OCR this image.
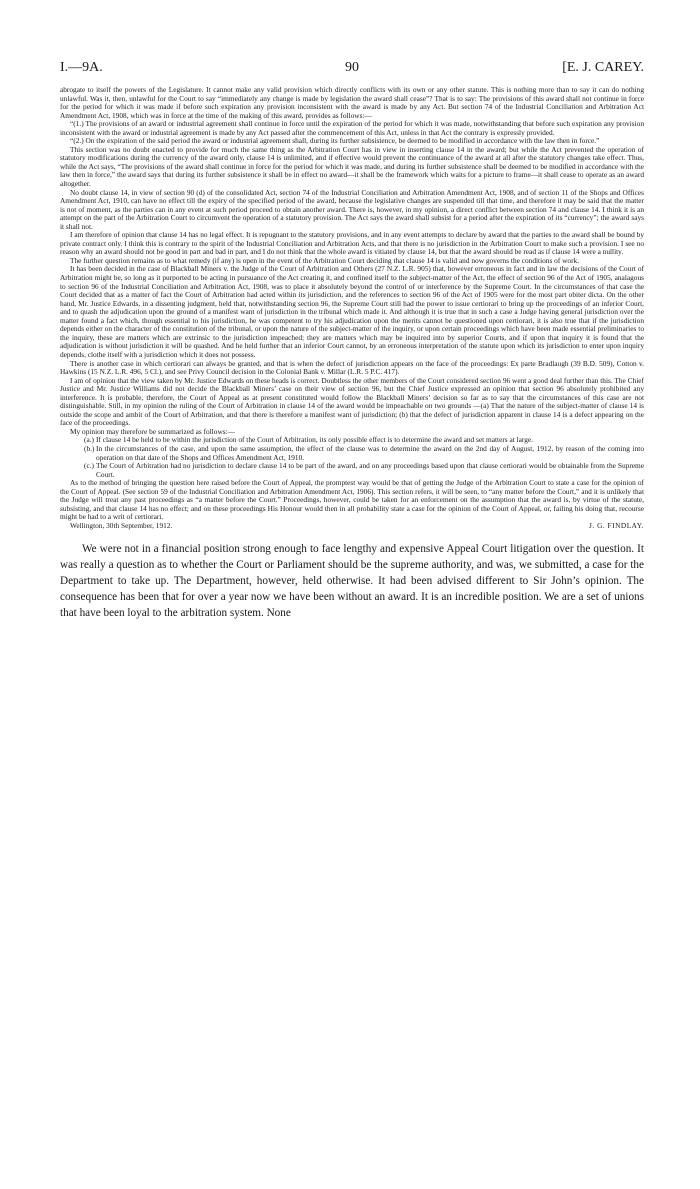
I.—9A.	90	[E. J. CAREY.

abrogate to itself the powers of the Legislature. It cannot make any valid provision which directly conflicts with its own or any other statute. This is nothing more than to say it can do nothing unlawful. Was it, then, unlawful for the Court to say “immediately any change is made by legislation the award shall cease”? That is to say: The provisions of this award shall not continue in force for the period for which it was made if before such expiration any provision inconsistent with the award is made by any Act. But section 74 of the Industrial Conciliation and Arbitration Act Amendment Act, 1908, which was in force at the time of the making of this award, provides as follows:—

“(1.) The provisions of an award or industrial agreement shall continue in force until the expiration of the period for which it was made, notwithstanding that before such expiration any provision inconsistent with the award or industrial agreement is made by any Act passed after the commencement of this Act, unless in that Act the contrary is expressly provided.

“(2.) On the expiration of the said period the award or industrial agreement shall, during its further subsistence, be deemed to be modified in accordance with the law then in force.”

This section was no doubt enacted to provide for much the same thing as the Arbitration Court has in view in inserting clause 14 in the award; but while the Act prevented the operation of statutory modifications during the currency of the award only, clause 14 is unlimited, and if effective would prevent the continuance of the award at all after the statutory changes take effect. Thus, while the Act says, “The provisions of the award shall continue in force for the period for which it was made, and during its further subsistence shall be deemed to be modified in accordance with the law then in force,” the award says that during its further subsistence it shall be in effect no award—it shall be the framework which waits for a picture to frame—it shall cease to operate as an award altogether.

No doubt clause 14, in view of section 90 (d) of the consolidated Act, section 74 of the Industrial Conciliation and Arbitration Amendment Act, 1908, and of section 11 of the Shops and Offices Amendment Act, 1910, can have no effect till the expiry of the specified period of the award, because the legislative changes are suspended till that time, and therefore it may be said that the matter is not of moment, as the parties can in any event at such period proceed to obtain another award. There is, however, in my opinion, a direct conflict between section 74 and clause 14. I think it is an attempt on the part of the Arbitration Court to circumvent the operation of a statutory provision. The Act says the award shall subsist for a period after the expiration of its “currency”; the award says it shall not.

I am therefore of opinion that clause 14 has no legal effect. It is repugnant to the statutory provisions, and in any event attempts to declare by award that the parties to the award shall be bound by private contract only. I think this is contrary to the spirit of the Industrial Conciliation and Arbitration Acts, and that there is no jurisdiction in the Arbitration Court to make such a provision. I see no reason why an award should not be good in part and bad in part, and I do not think that the whole award is vitiated by clause 14, but that the award should be read as if clause 14 were a nullity.

The further question remains as to what remedy (if any) is open in the event of the Arbitration Court deciding that clause 14 is valid and now governs the conditions of work.

It has been decided in the case of Blackball Miners v. the Judge of the Court of Arbitration and Others (27 N.Z. L.R. 905) that, however erroneous in fact and in law the decisions of the Court of Arbitration might be, so long as it purported to be acting in pursuance of the Act creating it, and confined itself to the subject-matter of the Act, the effect of section 96 of the Act of 1905, analagous to section 96 of the Industrial Conciliation and Arbitration Act, 1908, was to place it absolutely beyond the control of or interference by the Supreme Court. In the circumstances of that case the Court decided that as a matter of fact the Court of Arbitration had acted within its jurisdiction, and the references to section 96 of the Act of 1905 were for the most part obiter dicta. On the other hand, Mr. Justice Edwards, in a dissenting judgment, held that, notwithstanding section 96, the Supreme Court still had the power to issue certiorari to bring up the proceedings of an inferior Court, and to quash the adjudication upon the ground of a manifest want of jurisdiction in the tribunal which made it. And although it is true that in such a case a Judge having general jurisdiction over the matter found a fact which, though essential to his jurisdiction, he was competent to try his adjudication upon the merits cannot be questioned upon certiorari, it is also true that if the jurisdiction depends either on the character of the constitution of the tribunal, or upon the nature of the subject-matter of the inquiry, or upon certain proceedings which have been made essential preliminaries to the inquiry, these are matters which are extrinsic to the jurisdiction impeached; they are matters which may be inquired into by superior Courts, and if upon that inquiry it is found that the adjudication is without jurisdiction it will be quashed. And he held further that an inferior Court cannot, by an erroneous interpretation of the statute upon which its jurisdiction to enter upon inquiry depends, clothe itself with a jurisdiction which it does not possess.

There is another case in which certiorari can always be granted, and that is when the defect of jurisdiction appears on the face of the proceedings: Ex parte Bradlaugh (39 B.D. 509), Cotton v. Hawkins (15 N.Z. L.R. 496, 5 Cl.), and see Privy Council decision in the Colonial Bank v. Millar (L.R. 5 P.C. 417).

I am of opinion that the view taken by Mr. Justice Edwards on these heads is correct. Doubtless the other members of the Court considered section 96 went a good deal further than this. The Chief Justice and Mr. Justice Williams did not decide the Blackball Miners’ case on their view of section 96, but the Chief Justice expressed an opinion that section 96 absolutely prohibited any interference. It is probable, therefore, the Court of Appeal as at present constituted would follow the Blackball Miners’ decision so far as to say that the circumstances of this case are not distinguishable. Still, in my opinion the ruling of the Court of Arbitration in clause 14 of the award would be impeachable on two grounds —(a) That the nature of the subject-matter of clause 14 is outside the scope and ambit of the Court of Arbitration, and that there is therefore a manifest want of jurisdiction; (b) that the defect of jurisdiction apparent in clause 14 is a defect appearing on the face of the proceedings.

My opinion may therefore be summarized as follows:—

(a.) If clause 14 be held to be within the jurisdiction of the Court of Arbitration, its only possible effect is to determine the award and set matters at large.

(b.) In the circumstances of the case, and upon the same assumption, the effect of the clause was to determine the award on the 2nd day of August, 1912, by reason of the coming into operation on that date of the Shops and Offices Amendment Act, 1910.

(c.) The Court of Arbitration had no jurisdiction to declare clause 14 to be part of the award, and on any proceedings based upon that clause certiorari would be obtainable from the Supreme Court.

As to the method of bringing the question here raised before the Court of Appeal, the promptest way would be that of getting the Judge of the Arbitration Court to state a case for the opinion of the Court of Appeal. (See section 59 of the Industrial Conciliation and Arbitration Amendment Act, 1906). This section refers, it will be seen, to “any matter before the Court,” and it is unlikely that the Judge will treat any past proceedings as “a matter before the Court.” Proceedings, however, could be taken for an enforcement on the assumption that the award is, by virtue of the statute, subsisting, and that clause 14 has no effect; and on these proceedings His Honour would then in all probability state a case for the opinion of the Court of Appeal, or, failing his doing that, recourse might be had to a writ of certiorari.

Wellington, 30th September, 1912.	J. G. FINDLAY.

We were not in a financial position strong enough to face lengthy and expensive Appeal Court litigation over the question. It was really a question as to whether the Court or Parliament should be the supreme authority, and was, we submitted, a case for the Department to take up. The Department, however, held otherwise. It had been advised different to Sir John’s opinion. The consequence has been that for over a year now we have been without an award. It is an incredible position. We are a set of unions that have been loyal to the arbitration system. None
